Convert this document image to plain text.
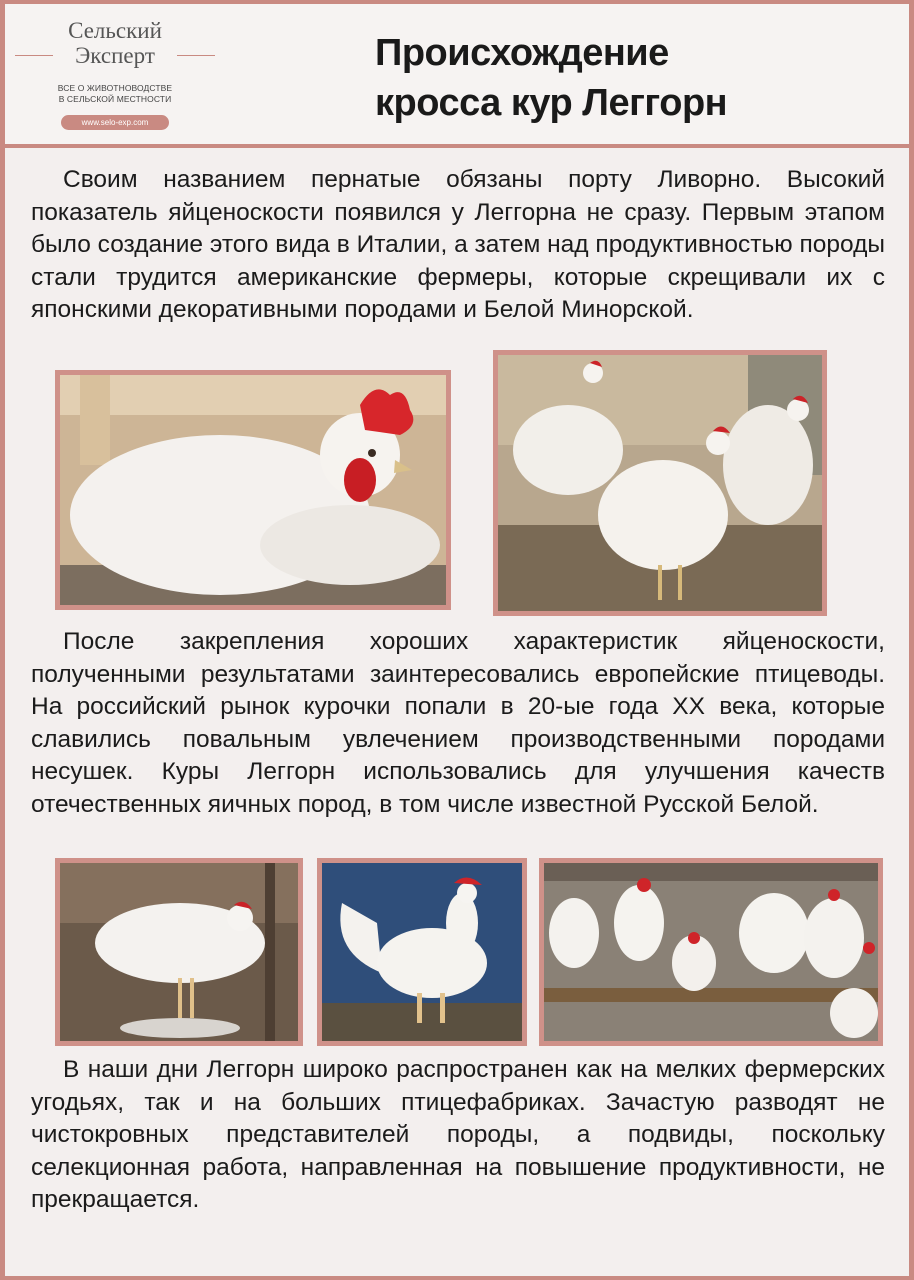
Сельский
Эксперт
ВСЕ О ЖИВОТНОВОДСТВЕ
В СЕЛЬСКОЙ МЕСТНОСТИ
www.selo-exp.com
Происхождение
кросса кур Леггорн

Своим названием пернатые обязаны порту Ливорно. Высокий показатель яйценоскости появился у Леггорна не сразу. Первым этапом было создание этого вида в Италии, а затем над продуктивностью породы стали трудится американские фермеры, которые скрещивали их с японскими декоративными породами и Белой Минорской.

После закрепления хороших характеристик яйценоскости, полученными результатами заинтересовались европейские птицеводы. На российский рынок курочки попали в 20-ые года XX века, которые славились повальным увлечением производственными породами несушек. Куры Леггорн использовались для улучшения качеств отечественных яичных пород, в том числе известной Русской Белой.

В наши дни Леггорн широко распространен как на мелких фермерских угодьях, так и на больших птицефабриках. Зачастую разводят не чистокровных представителей породы, а подвиды, поскольку селекционная работа, направленная на повышение продуктивности, не прекращается.
